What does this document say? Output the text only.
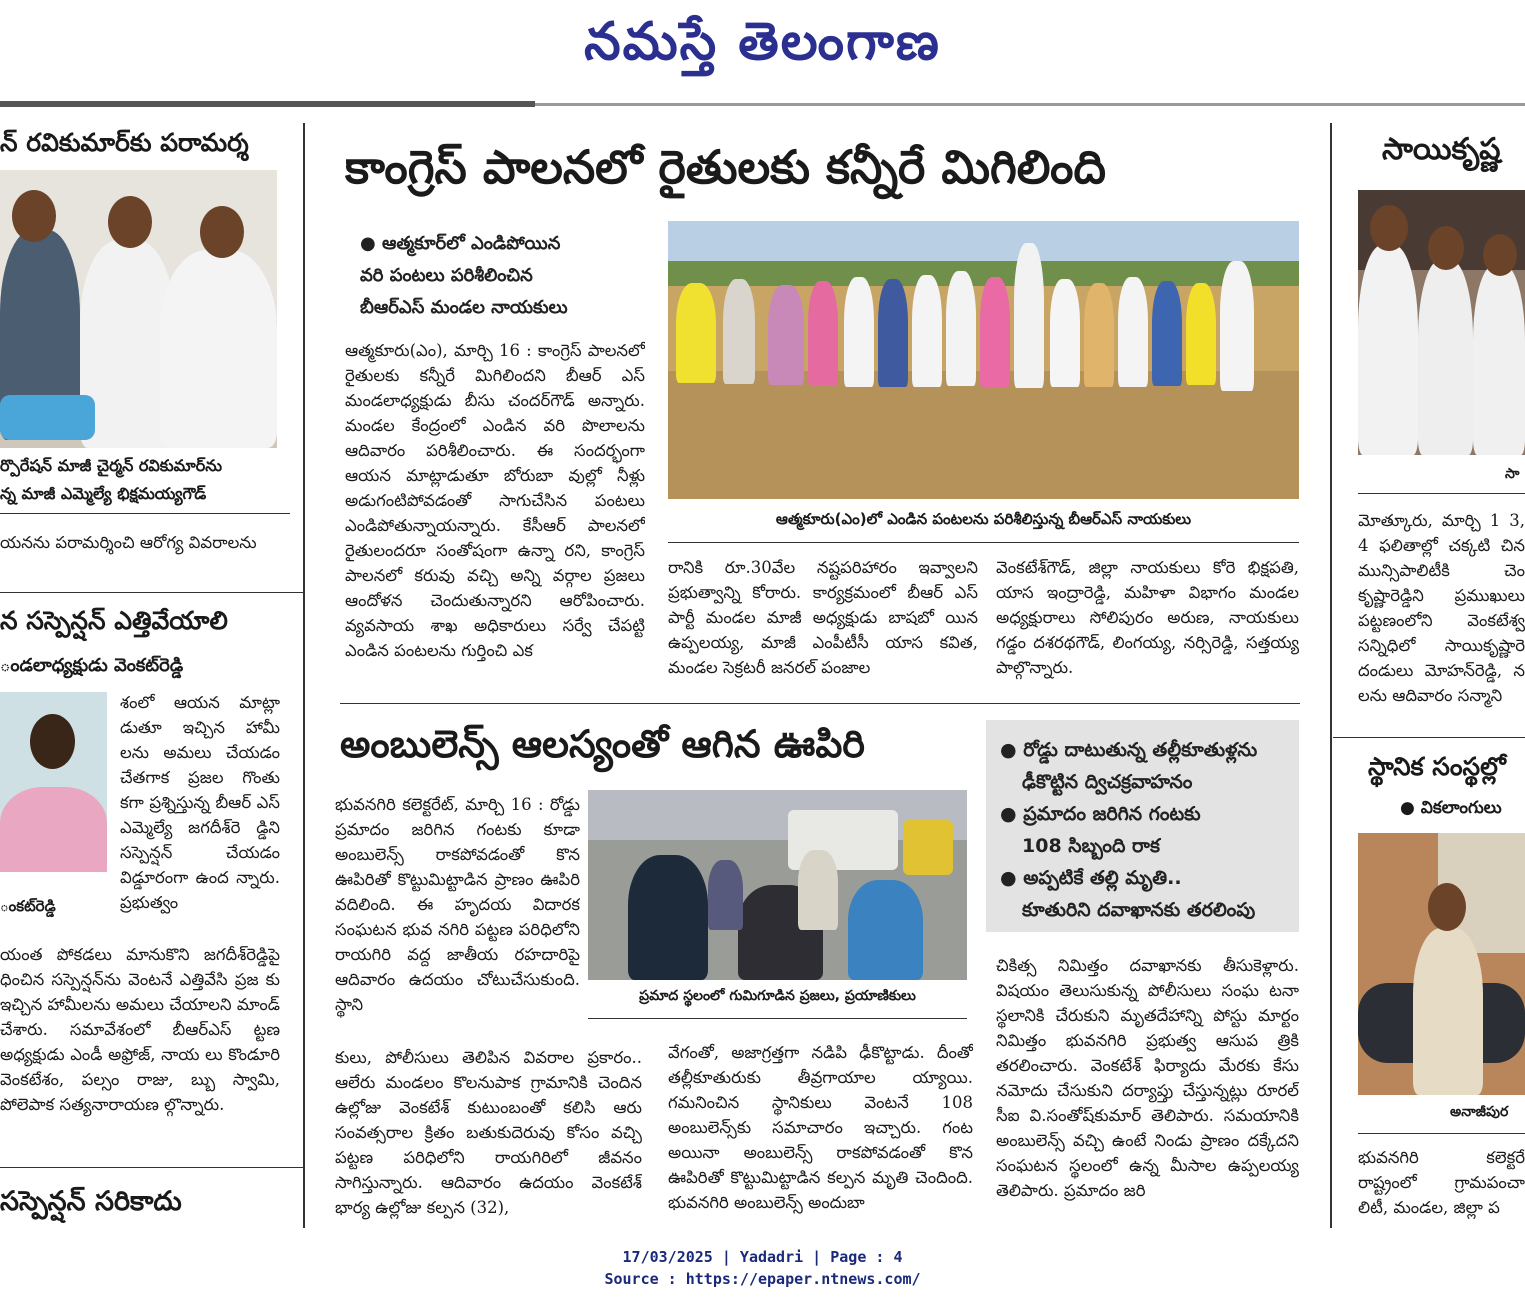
నమస్తే తెలంగాణ
న్ రవికుమార్‌కు పరామర్శ
ర్పొరేషన్ మాజీ చైర్మన్ రవికుమార్‌ను
న్న మాజీ ఎమ్మెల్యే భిక్షమయ్యగౌడ్
యనను పరామర్శించి ఆరోగ్య వివరాలను
న సస్పెన్షన్ ఎత్తివేయాలి
ండలాధ్యక్షుడు వెంకట్‌రెడ్డి
ంకట్‌రెడ్డి
శంలో ఆయన మాట్లా డుతూ ఇచ్చిన హామీ లను అమలు చేయడం చేతగాక ప్రజల గొంతు కగా ప్రశ్నిస్తున్న బీఆర్ ఎస్ ఎమ్మెల్యే జగదీశ్‌రె డ్డిని సస్పెన్షన్ చేయడం విడ్డూరంగా ఉంద న్నారు. ప్రభుత్వం
యంత పోకడలు మానుకొని జగదీశ్‌రెడ్డిపై ధించిన సస్పెన్షన్‌ను వెంటనే ఎత్తివేసి ప్రజ కు ఇచ్చిన హామీలను అమలు చేయాలని మాండ్ చేశారు. సమావేశంలో బీఆర్‌ఎస్ ట్టణ అధ్యక్షుడు ఎండీ అఫ్రోజ్, నాయ లు కొండూరి వెంకటేశం, పల్సం రాజు, బ్బు స్వామి, పోలెపాక సత్యనారాయణ ల్గొన్నారు.
సస్పెన్షన్ సరికాదు
కాంగ్రెస్ పాలనలో రైతులకు కన్నీరే మిగిలింది
● ఆత్మకూర్‌లో ఎండిపోయిన
వరి పంటలు పరిశీలించిన
బీఆర్‌ఎస్ మండల నాయకులు
ఆత్మకూరు(ఎం), మార్చి 16 : కాంగ్రెస్ పాలనలో రైతులకు కన్నీరే మిగిలిందని బీఆర్ ఎస్ మండలాధ్యక్షుడు బీసు చందర్‌గౌడ్ అన్నారు. మండల కేంద్రంలో ఎండిన వరి పొలాలను ఆదివారం పరిశీలించారు. ఈ సందర్భంగా ఆయన మాట్లాడుతూ బోరుబా వుల్లో నీళ్లు అడుగంటిపోవడంతో సాగుచేసిన పంటలు ఎండిపోతున్నాయన్నారు. కేసీఆర్ పాలనలో రైతులందరూ సంతోషంగా ఉన్నా రని, కాంగ్రెస్ పాలనలో కరువు వచ్చి అన్ని వర్గాల ప్రజలు ఆందోళన చెందుతున్నారని ఆరోపించారు. వ్యవసాయ శాఖ అధికారులు సర్వే చేపట్టి ఎండిన పంటలను గుర్తించి ఎక
ఆత్మకూరు(ఎం)లో ఎండిన పంటలను పరిశీలిస్తున్న బీఆర్‌ఎస్ నాయకులు
రానికి రూ.30వేల నష్టపరిహారం ఇవ్వాలని ప్రభుత్వాన్ని కోరారు. కార్యక్రమంలో బీఆర్ ఎస్ పార్టీ మండల మాజీ అధ్యక్షుడు బాషబో యిన ఉప్పలయ్య, మాజీ ఎంపీటీసీ యాస కవిత, మండల సెక్రటరీ జనరల్ పంజాల
వెంకటేశ్‌గౌడ్, జిల్లా నాయకులు కోరె భిక్షపతి, యాస ఇంద్రారెడ్డి, మహిళా విభాగం మండల అధ్యక్షురాలు సోలిపురం అరుణ, నాయకులు గడ్డం దశరథగౌడ్, లింగయ్య, నర్సిరెడ్డి, సత్తయ్య పాల్గొన్నారు.
అంబులెన్స్ ఆలస్యంతో ఆగిన ఊపిరి	● రోడ్డు దాటుతున్న తల్లీకూతుళ్లను
ఢీకొట్టిన ద్విచక్రవాహనం
● ప్రమాదం జరిగిన గంటకు
108 సిబ్బంది రాక
● అప్పటికే తల్లి మృతి..
కూతురిని దవాఖానకు తరలింపు
భువనగిరి కలెక్టరేట్, మార్చి 16 : రోడ్డు ప్రమాదం జరిగిన గంటకు కూడా అంబులెన్స్ రాకపోవడంతో కొన ఊపిరితో కొట్టుమిట్టాడిన ప్రాణం ఊపిరి వదిలింది. ఈ హృదయ విదారక సంఘటన భువ నగిరి పట్టణ పరిధిలోని రాయగిరి వద్ద జాతీయ రహదారిపై ఆదివారం ఉదయం చోటుచేసుకుంది. స్థాని	ప్రమాద స్థలంలో గుమిగూడిన ప్రజలు, ప్రయాణికులు
కులు, పోలీసులు తెలిపిన వివరాల ప్రకారం.. ఆలేరు మండలం కొలనుపాక గ్రామానికి చెందిన ఉల్లోజు వెంకటేశ్ కుటుంబంతో కలిసి ఆరు సంవత్సరాల క్రితం బతుకుదెరువు కోసం వచ్చి పట్టణ పరిధిలోని రాయగిరిలో జీవనం సాగిస్తున్నారు. ఆదివారం ఉదయం వెంకటేశ్ భార్య ఉల్లోజు కల్పన (32),
వేగంతో, అజాగ్రత్తగా నడిపి ఢీకొట్టాడు. దీంతో తల్లీకూతురుకు తీవ్రగాయాల య్యాయి. గమనించిన స్థానికులు వెంటనే 108 అంబులెన్స్‌కు సమాచారం ఇచ్చారు. గంట అయినా అంబులెన్స్ రాకపోవడంతో కొన ఊపిరితో కొట్టుమిట్టాడిన కల్పన మృతి చెందింది. భువనగిరి అంబులెన్స్ అందుబా
చికిత్స నిమిత్తం దవాఖానకు తీసుకెళ్లారు. విషయం తెలుసుకున్న పోలీసులు సంఘ టనా స్థలానికి చేరుకుని మృతదేహాన్ని పోస్టు మార్టం నిమిత్తం భువనగిరి ప్రభుత్వ ఆసుప త్రికి తరలించారు. వెంకటేశ్ ఫిర్యాదు మేరకు కేసు నమోదు చేసుకుని దర్యాప్తు చేస్తున్నట్లు రూరల్ సీఐ వి.సంతోష్‌కుమార్ తెలిపారు. సమయానికి అంబులెన్స్ వచ్చి ఉంటే నిండు ప్రాణం దక్కేదని సంఘటన స్థలంలో ఉన్న మీసాల ఉప్పలయ్య తెలిపారు. ప్రమాదం జరి
సాయికృష్ణ
సా
మోత్కూరు, మార్చి 1 3, 4 ఫలితాల్లో చక్కటి చిన మున్సిపాలిటీకి చెం కృష్ణారెడ్డిని ప్రముఖులు పట్టణంలోని వెంకటేశ్వ సన్నిధిలో సాయికృష్ణారె దండులు మోహన్‌రెడ్డి, న లను ఆదివారం సన్మాని
స్థానిక సంస్థల్లో
● వికలాంగులు
అనాజీపుర
భువనగిరి కలెక్టరే రాష్ట్రంలో గ్రామపంచా లిటీ, మండల, జిల్లా ప
17/03/2025 | Yadadri | Page : 4
Source : https://epaper.ntnews.com/
